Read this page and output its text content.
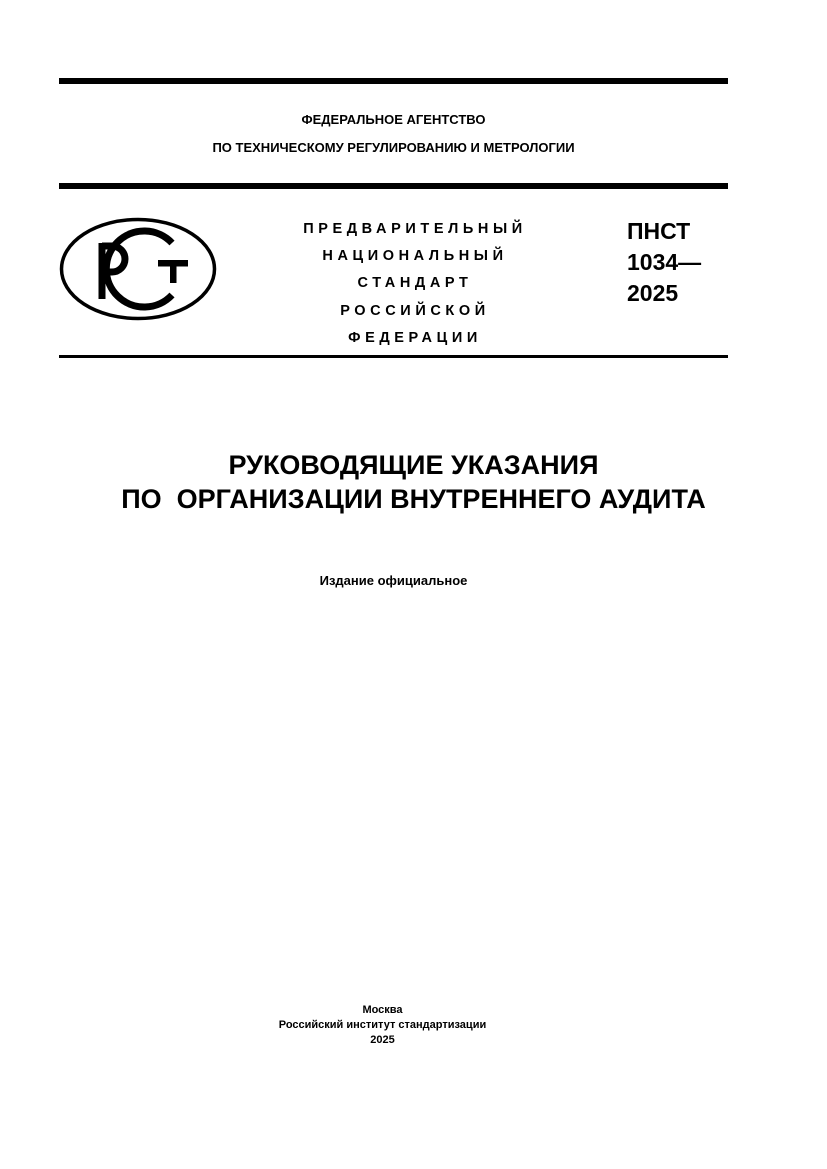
ФЕДЕРАЛЬНОЕ АГЕНТСТВО
ПО ТЕХНИЧЕСКОМУ РЕГУЛИРОВАНИЮ И МЕТРОЛОГИИ
ПРЕДВАРИТЕЛЬНЫЙ
НАЦИОНАЛЬНЫЙ
СТАНДАРТ
РОССИЙСКОЙ
ФЕДЕРАЦИИ
ПНСТ
1034—
2025
РУКОВОДЯЩИЕ УКАЗАНИЯ
ПО  ОРГАНИЗАЦИИ ВНУТРЕННЕГО АУДИТА
Издание официальное
Москва
Российский институт стандартизации
2025
